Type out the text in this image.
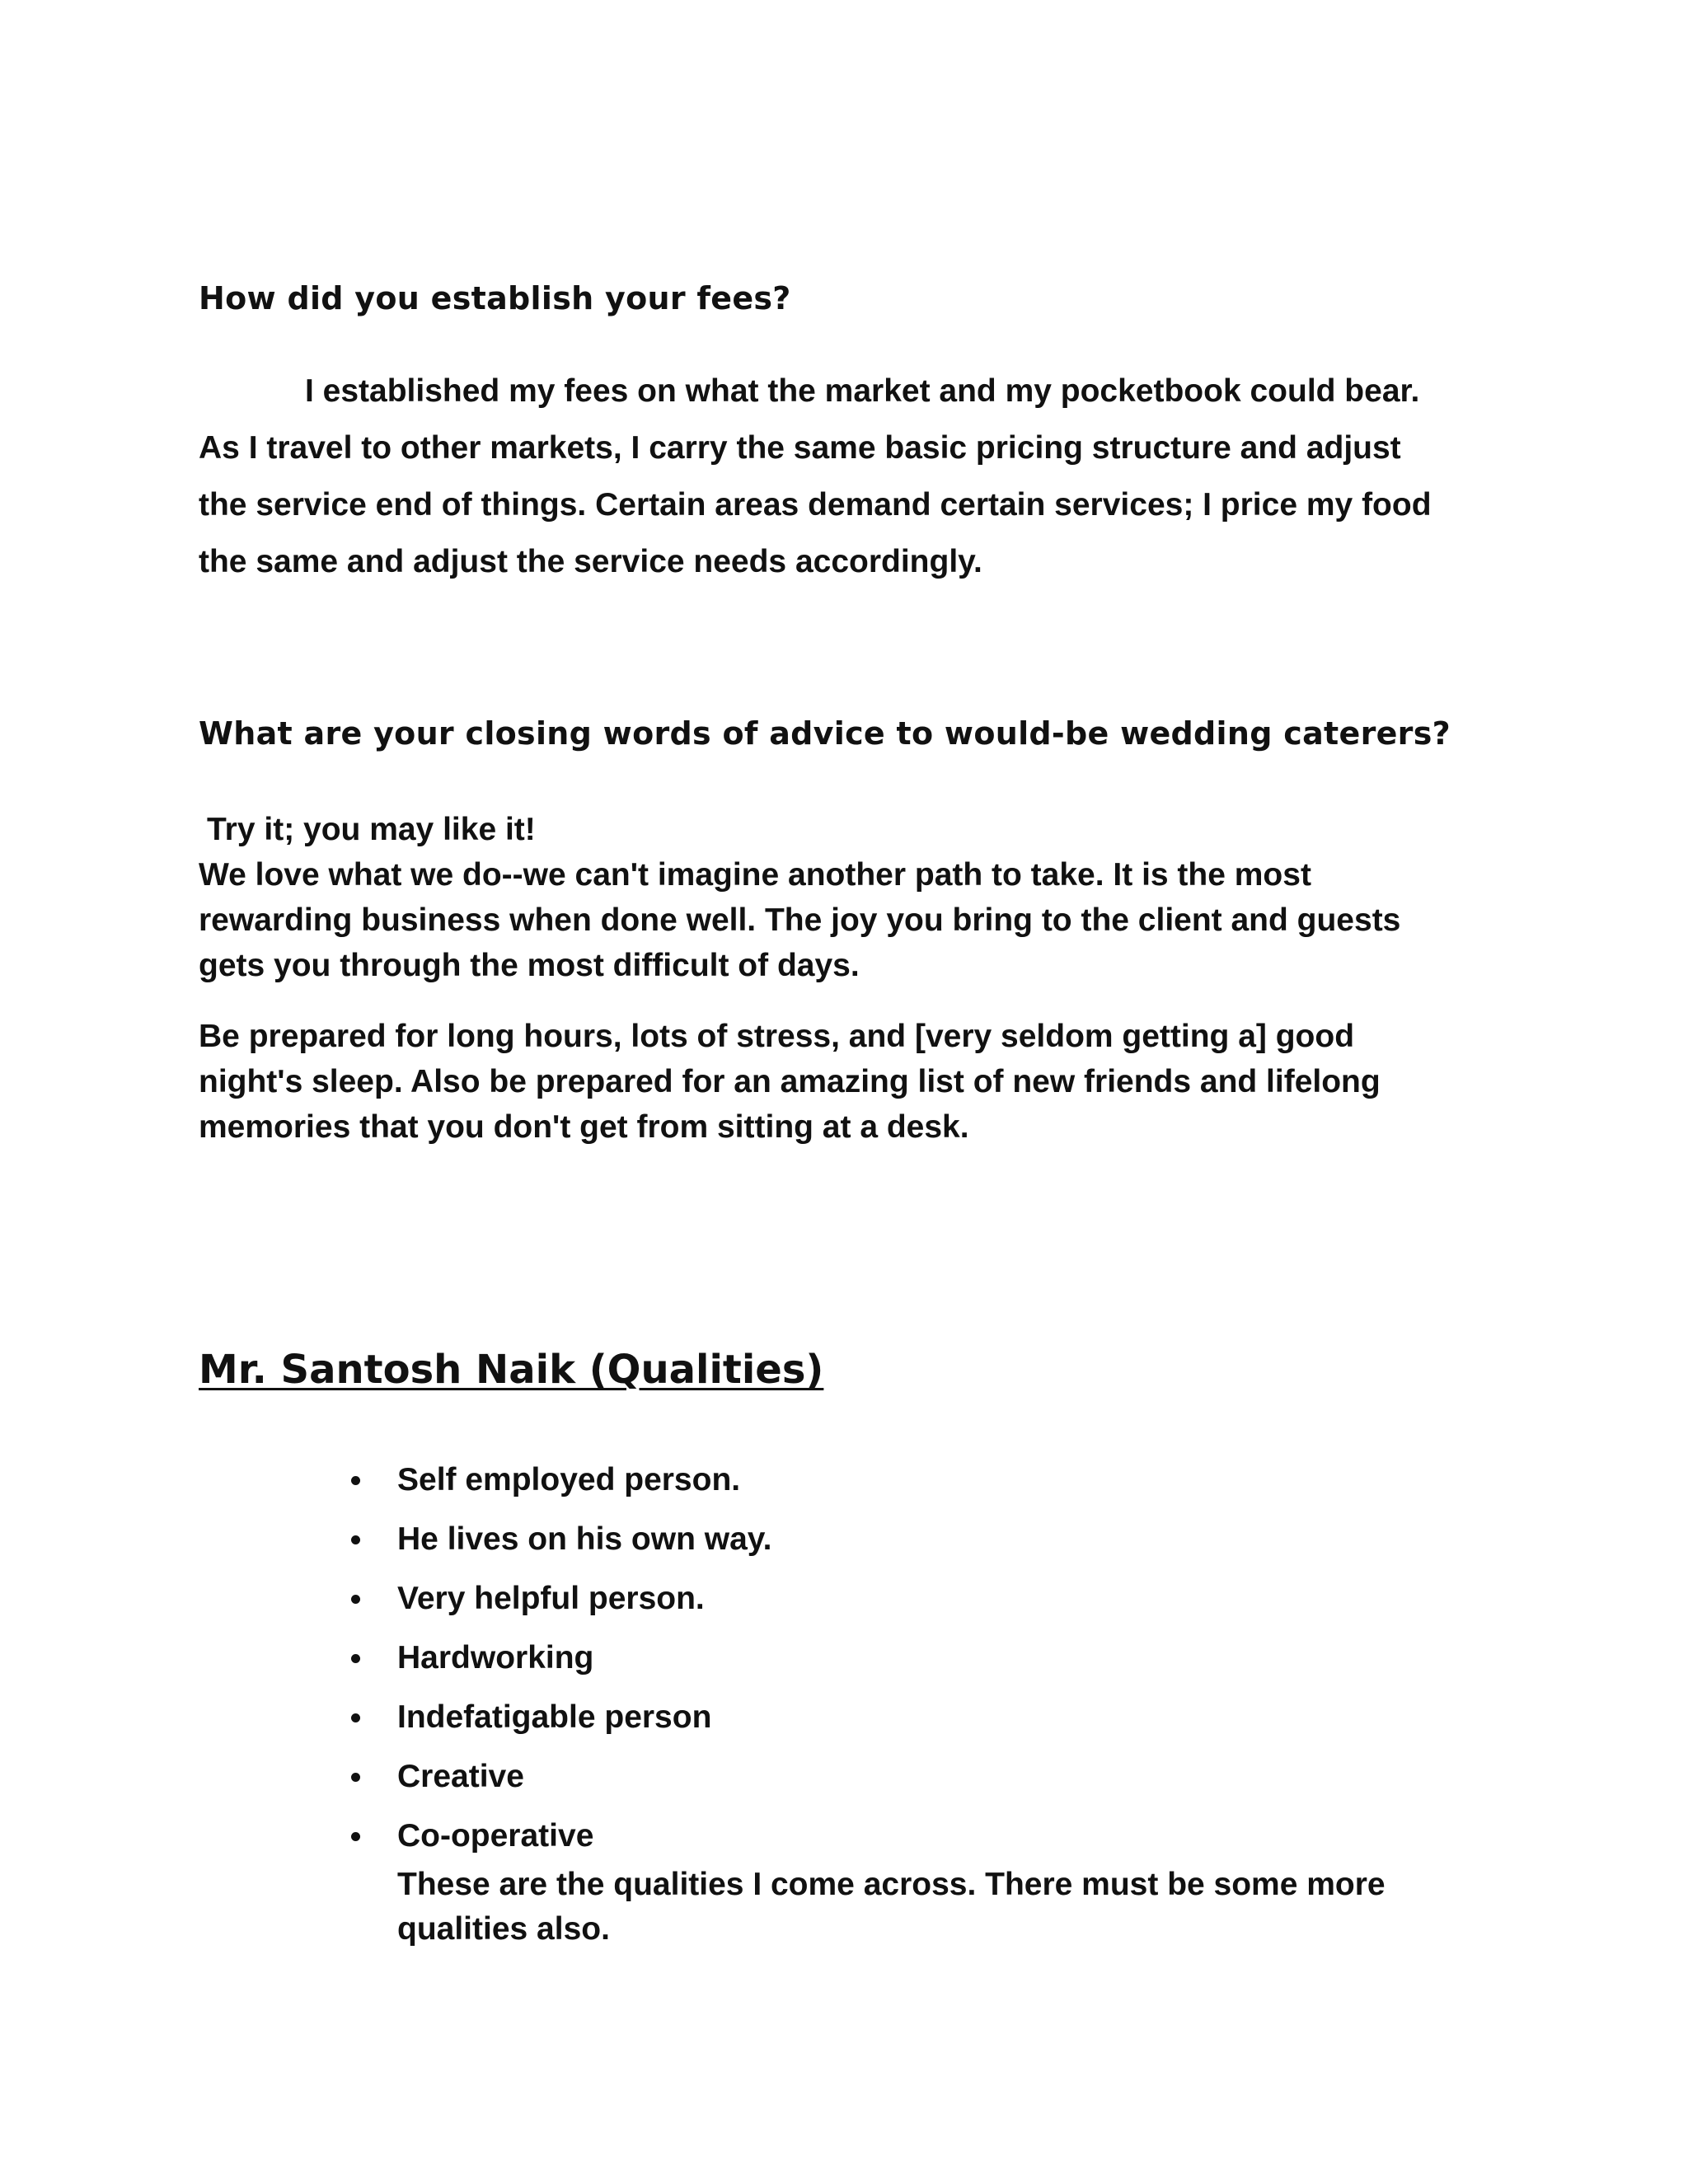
How did you establish your fees?
I established my fees on what the market and my pocketbook could bear.
As I travel to other markets, I carry the same basic pricing structure and adjust
the service end of things. Certain areas demand certain services; I price my food
the same and adjust the service needs accordingly.
What are your closing words of advice to would-be wedding caterers?
Try it; you may like it!
We love what we do--we can't imagine another path to take. It is the most
rewarding business when done well. The joy you bring to the client and guests
gets you through the most difficult of days.
Be prepared for long hours, lots of stress, and [very seldom getting a] good
night's sleep. Also be prepared for an amazing list of new friends and lifelong
memories that you don't get from sitting at a desk.
Mr. Santosh Naik (Qualities)
Self employed person.
He lives on his own way.
Very helpful person.
Hardworking
Indefatigable person
Creative
Co-operative
These are the qualities I come across. There must be some more
qualities also.
